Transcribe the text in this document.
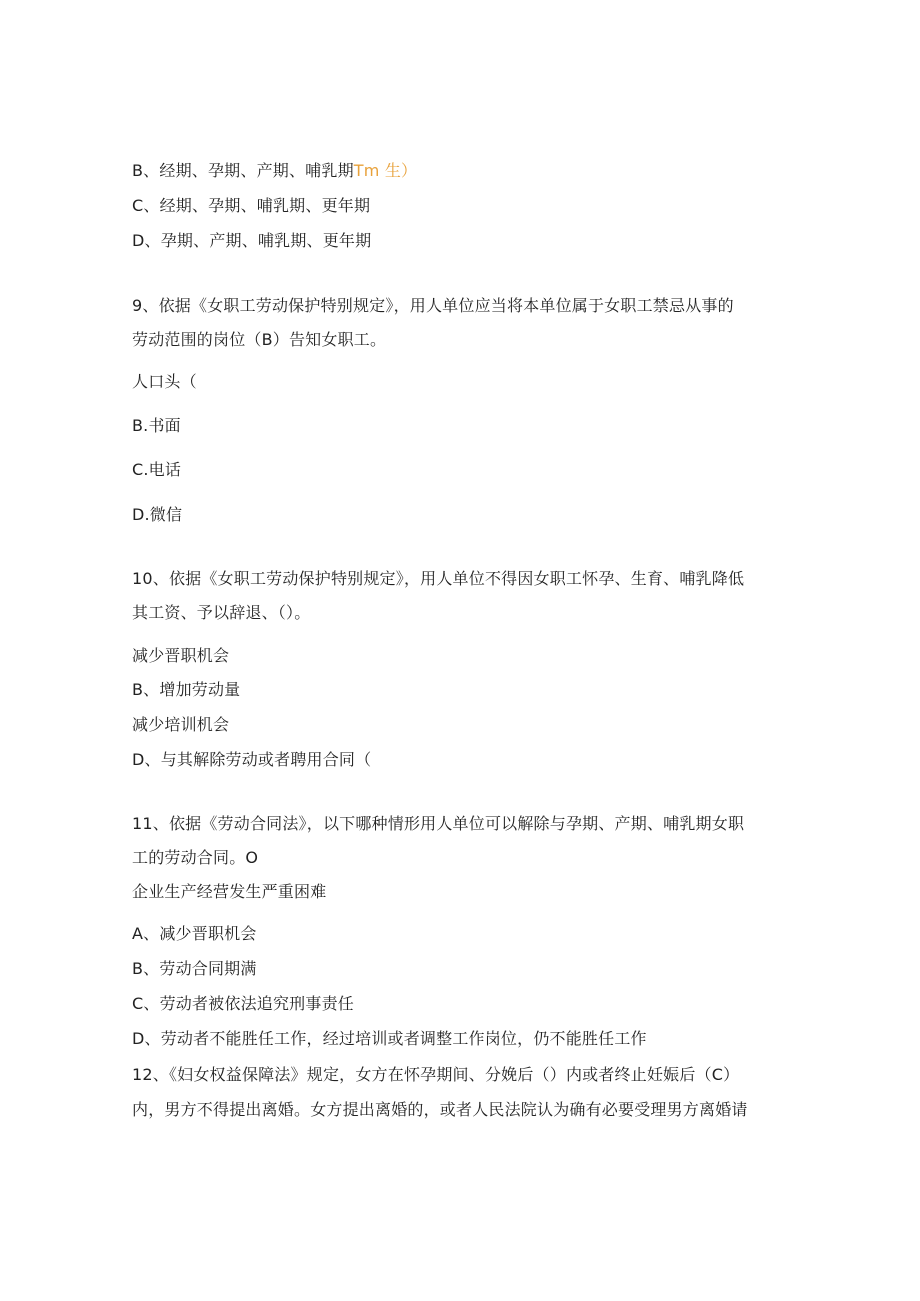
B、经期、孕期、产期、哺乳期Tm 生）
C、经期、孕期、哺乳期、更年期
D、孕期、产期、哺乳期、更年期
9、依据《女职工劳动保护特别规定》，用人单位应当将本单位属于女职工禁忌从事的
劳动范围的岗位（B）告知女职工。
人口头（
B.书面
C.电话
D.微信
10、依据《女职工劳动保护特别规定》，用人单位不得因女职工怀孕、生育、哺乳降低
其工资、予以辞退、（）。
减少晋职机会
B、增加劳动量
减少培训机会
D、与其解除劳动或者聘用合同（
11、依据《劳动合同法》，以下哪种情形用人单位可以解除与孕期、产期、哺乳期女职
工的劳动合同。O
企业生产经营发生严重困难
A、减少晋职机会
B、劳动合同期满
C、劳动者被依法追究刑事责任
D、劳动者不能胜任工作，经过培训或者调整工作岗位，仍不能胜任工作
12、《妇女权益保障法》规定，女方在怀孕期间、分娩后（）内或者终止妊娠后（C）
内，男方不得提出离婚。女方提出离婚的，或者人民法院认为确有必要受理男方离婚请
